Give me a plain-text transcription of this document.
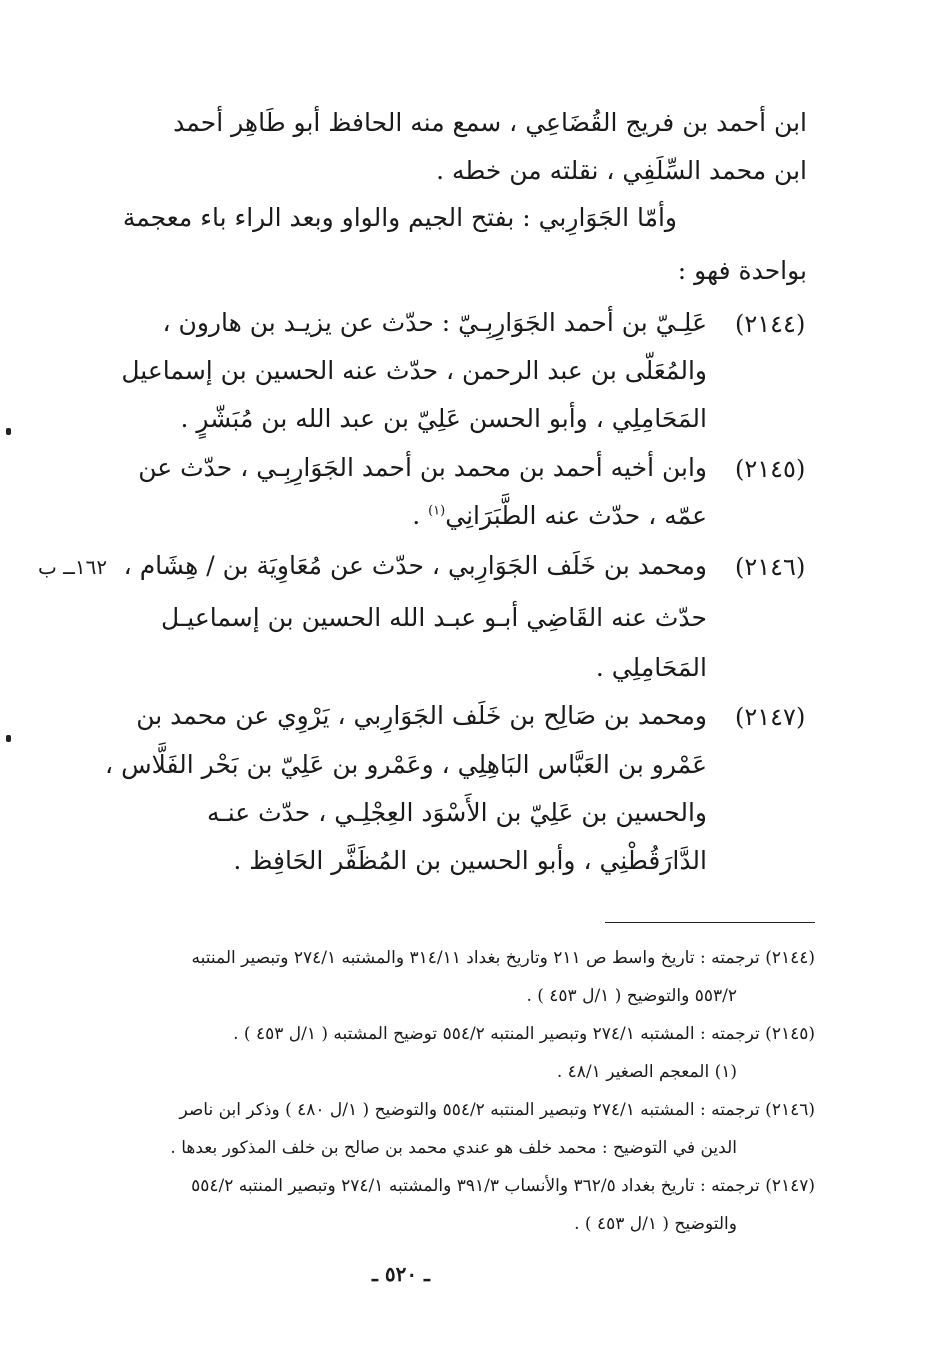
ابن أحمد بن فريج القُضَاعِي ، سمع منه الحافظ أبو طَاهِر أحمد
ابن محمد السِّلَفِي ، نقلته من خطه .
وأمّا الجَوَارِبي : بفتح الجيم والواو وبعد الراء باء معجمة
بواحدة فهو :
(٢١٤٤)
عَلِـيّ بن أحمد الجَوَارِبِـيّ : حدّث عن يزيـد بن هارون ،
والمُعَلّى بن عبد الرحمن ، حدّث عنه الحسين بن إسماعيل
المَحَامِلِي ، وأبو الحسن عَلِيّ بن عبد الله بن مُبَشّرٍ .
(٢١٤٥)
وابن أخيه أحمد بن محمد بن أحمد الجَوَارِبِـي ، حدّث عن
عمّه ، حدّث عنه الطَّبَرَانِي$^{(١)}$ .
(٢١٤٦)
ومحمد بن خَلَف الجَوَارِبي ، حدّث عن مُعَاوِيَة بن / هِشَام ،
١٦٢ــ ب
حدّث عنه القَاضِي أبـو عبـد الله الحسين بن إسماعيـل
المَحَامِلِي .
(٢١٤٧)
ومحمد بن صَالِح بن خَلَف الجَوَارِبي ، يَرْوِي عن محمد بن
عَمْرو بن العَبَّاس البَاهِلِي ، وعَمْرو بن عَلِيّ بن بَحْر الفَلَّاس ،
والحسين بن عَلِيّ بن الأَسْوَد العِجْلِـي ، حدّث عنـه
الدَّارَقُطْنِي ، وأبو الحسين بن المُظَفَّر الحَافِظ .
(٢١٤٤) ترجمته : تاريخ واسط ص ٢١١ وتاريخ بغداد ٣١٤/١١ والمشتبه ٢٧٤/١ وتبصير المنتبه
٥٥٣/٢ والتوضيح ( ١/ل ٤٥٣ ) .
(٢١٤٥) ترجمته : المشتبه ٢٧٤/١ وتبصير المنتبه ٥٥٤/٢ توضيح المشتبه ( ١/ل ٤٥٣ ) .
(١) المعجم الصغير ٤٨/١ .
(٢١٤٦) ترجمته : المشتبه ٢٧٤/١ وتبصير المنتبه ٥٥٤/٢ والتوضيح ( ١/ل ٤٨٠ ) وذكر ابن ناصر
الدين في التوضيح : محمد خلف هو عندي محمد بن صالح بن خلف المذكور بعدها .
(٢١٤٧) ترجمته : تاريخ بغداد ٣٦٢/٥ والأنساب ٣٩١/٣ والمشتبه ٢٧٤/١ وتبصير المنتبه ٥٥٤/٢
والتوضيح ( ١/ل ٤٥٣ ) .
ـ ٥٢٠ ـ
